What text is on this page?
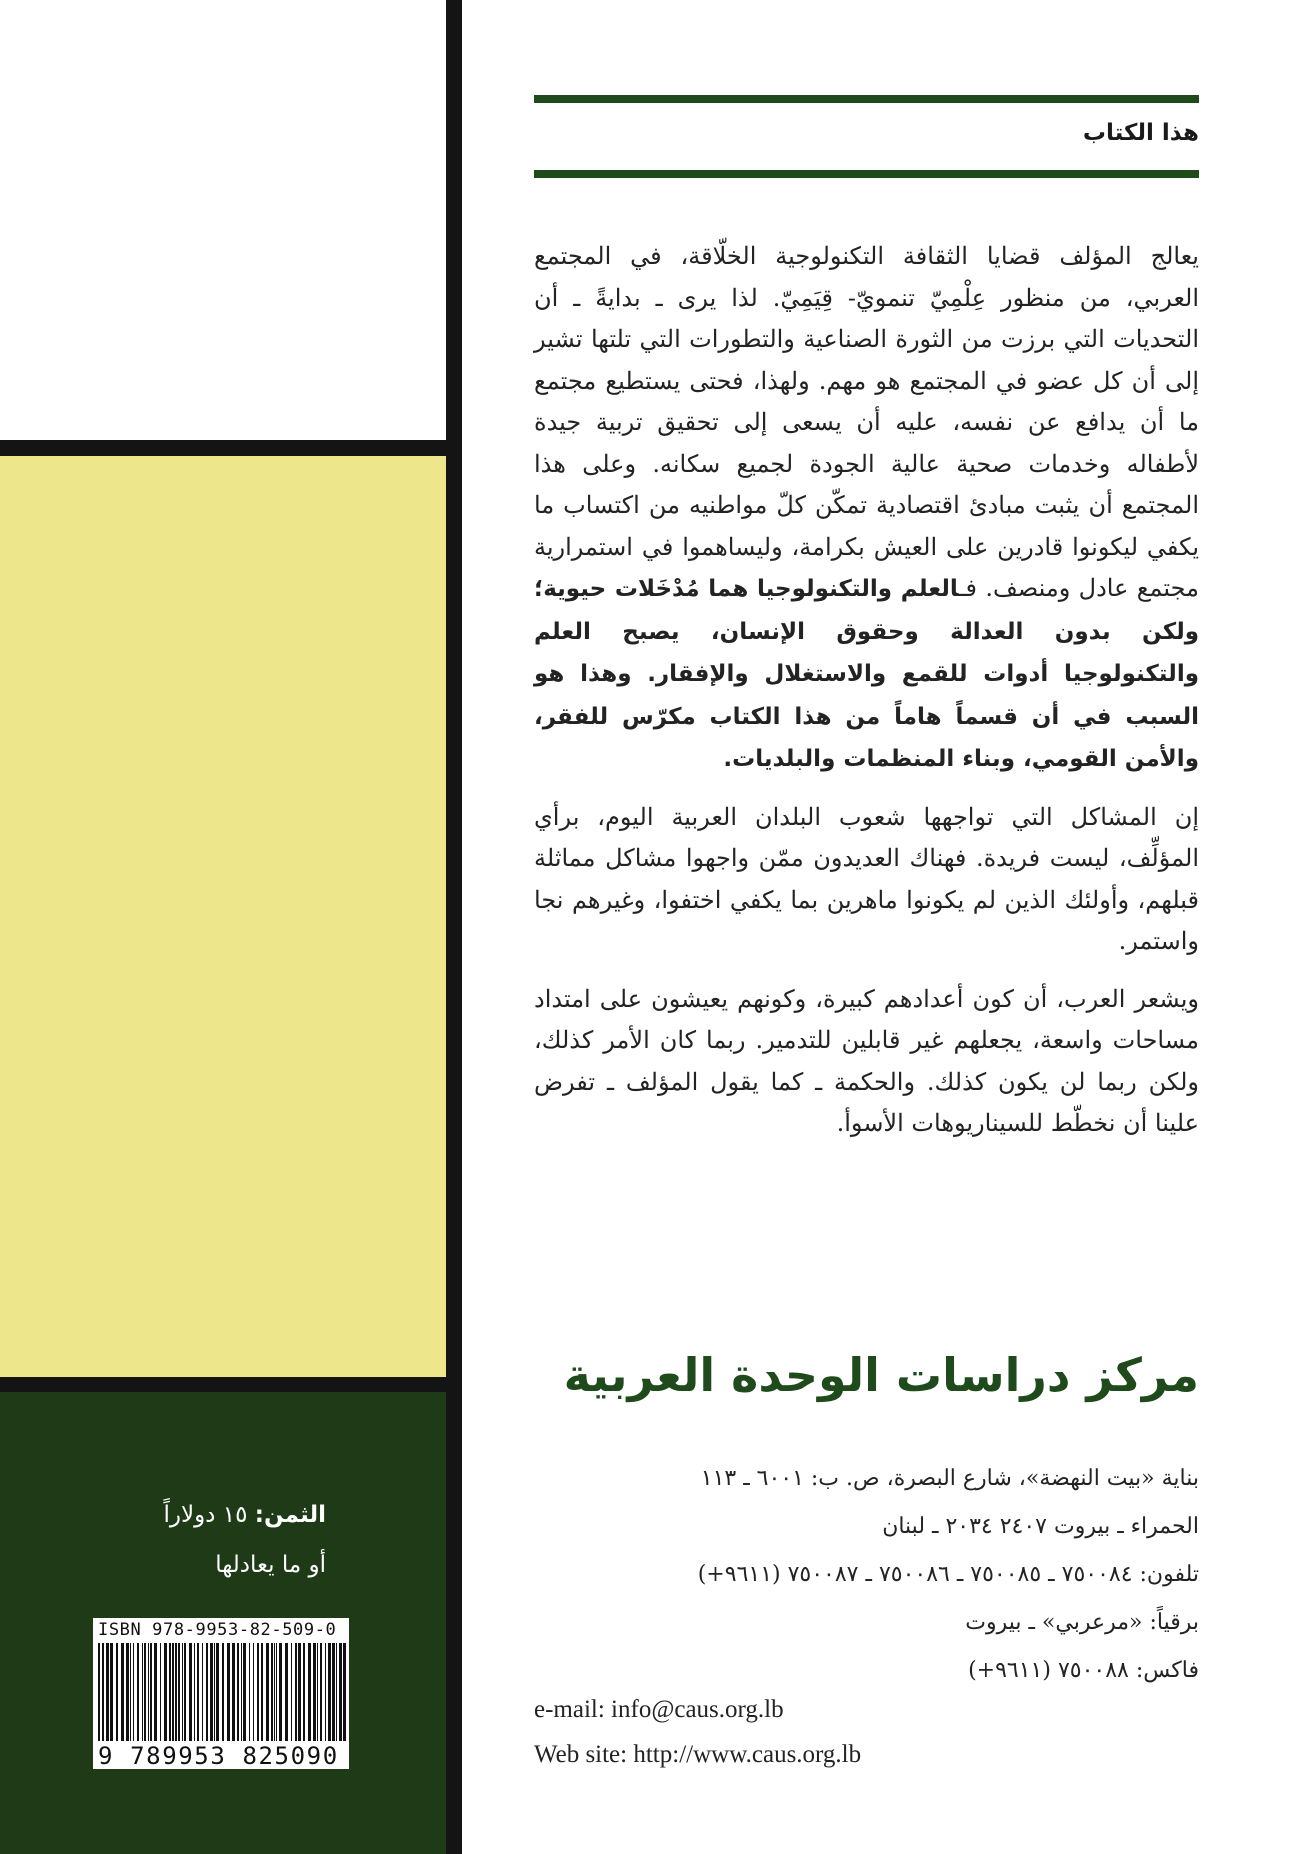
الثمن: ١٥ دولاراً
أو ما يعادلها
ISBN 978-9953-82-509-0
9 789953 825090
هذا الكتاب

يعالج المؤلف قضايا الثقافة التكنولوجية الخلّاقة، في المجتمع العربي، من منظور عِلْمِيّ تنمويّ- قِيَمِيّ. لذا يرى ـ بدايةً ـ أن التحديات التي برزت من الثورة الصناعية والتطورات التي تلتها تشير إلى أن كل عضو في المجتمع هو مهم. ولهذا، فحتى يستطيع مجتمع ما أن يدافع عن نفسه، عليه أن يسعى إلى تحقيق تربية جيدة لأطفاله وخدمات صحية عالية الجودة لجميع سكانه. وعلى هذا المجتمع أن يثبت مبادئ اقتصادية تمكّن كلّ مواطنيه من اكتساب ما يكفي ليكونوا قادرين على العيش بكرامة، وليساهموا في استمرارية مجتمع عادل ومنصف. فـالعلم والتكنولوجيا هما مُدْخَلات حيوية؛ ولكن بدون العدالة وحقوق الإنسان، يصبح العلم والتكنولوجيا أدوات للقمع والاستغلال والإفقار. وهذا هو السبب في أن قسماً هاماً من هذا الكتاب مكرّس للفقر، والأمن القومي، وبناء المنظمات والبلديات.

إن المشاكل التي تواجهها شعوب البلدان العربية اليوم، برأي المؤلِّف، ليست فريدة. فهناك العديدون ممّن واجهوا مشاكل مماثلة قبلهم، وأولئك الذين لم يكونوا ماهرين بما يكفي اختفوا، وغيرهم نجا واستمر.

ويشعر العرب، أن كون أعدادهم كبيرة، وكونهم يعيشون على امتداد مساحات واسعة، يجعلهم غير قابلين للتدمير. ربما كان الأمر كذلك، ولكن ربما لن يكون كذلك. والحكمة ـ كما يقول المؤلف ـ تفرض علينا أن نخطّط للسيناريوهات الأسوأ.

مركز دراسات الوحدة العربية
بناية «بيت النهضة»، شارع البصرة، ص. ب: ٦٠٠١ ـ ١١٣
الحمراء ـ بيروت ٢٤٠٧ ٢٠٣٤ ـ لبنان
تلفون: ٧٥٠٠٨٤ ـ ٧٥٠٠٨٥ ـ ٧٥٠٠٨٦ ـ ٧٥٠٠٨٧ (٩٦١١+)
برقياً: «مرعربي» ـ بيروت
فاكس: ٧٥٠٠٨٨ (٩٦١١+)
e-mail: info@caus.org.lb
Web site: http://www.caus.org.lb
